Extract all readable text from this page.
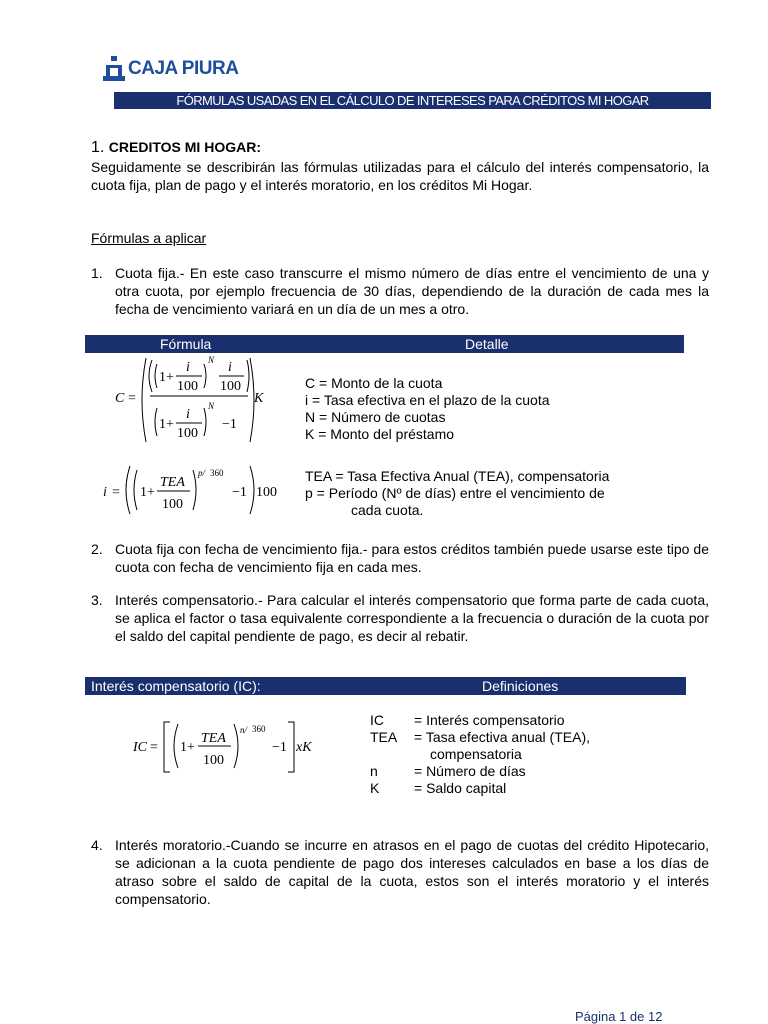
CAJA PIURA
FÓRMULAS USADAS EN EL CÁLCULO DE INTERESES PARA CRÉDITOS MI HOGAR
1. CREDITOS MI HOGAR:
Seguidamente se describirán las fórmulas utilizadas para el cálculo del interés compensatorio, la cuota fija, plan de pago y el interés moratorio, en los créditos Mi Hogar.
Fórmulas a aplicar
1. Cuota fija.- En este caso transcurre el mismo número de días entre el vencimiento de una y otra cuota, por ejemplo frecuencia de 30 días, dependiendo de la duración de cada mes la fecha de vencimiento variará en un día de un mes a otro.
Fórmula	Detalle
C =
1+
i
100
N i
100
1+
i
100
N
−1
K
C = Monto de la cuota
i = Tasa efectiva en el plazo de la cuota
N = Número de cuotas
K = Monto del préstamo
i = 1+
TEA
100
p/ 360
−1 100
TEA = Tasa Efectiva Anual (TEA), compensatoria
p = Período (Nº de días) entre el vencimiento de
cada cuota.
2. Cuota fija con fecha de vencimiento fija.- para estos créditos también puede usarse este tipo de cuota con fecha de vencimiento fija en cada mes.
3. Interés compensatorio.- Para calcular el interés compensatorio que forma parte de cada cuota, se aplica el factor o tasa equivalente correspondiente a la frecuencia o duración de la cuota por el saldo del capital pendiente de pago, es decir al rebatir.
Interés compensatorio (IC):	Definiciones
IC = 1+
TEA
100
n/ 360
−1 xK
IC	= Interés compensatorio
TEA	= Tasa efectiva anual (TEA),
compensatoria
n	= Número de días
K	= Saldo capital
4. Interés moratorio.-Cuando se incurre en atrasos en el pago de cuotas del crédito Hipotecario, se adicionan a la cuota pendiente de pago dos intereses calculados en base a los días de atraso sobre el saldo de capital de la cuota, estos son el interés moratorio y el interés compensatorio.
Página 1 de 12
